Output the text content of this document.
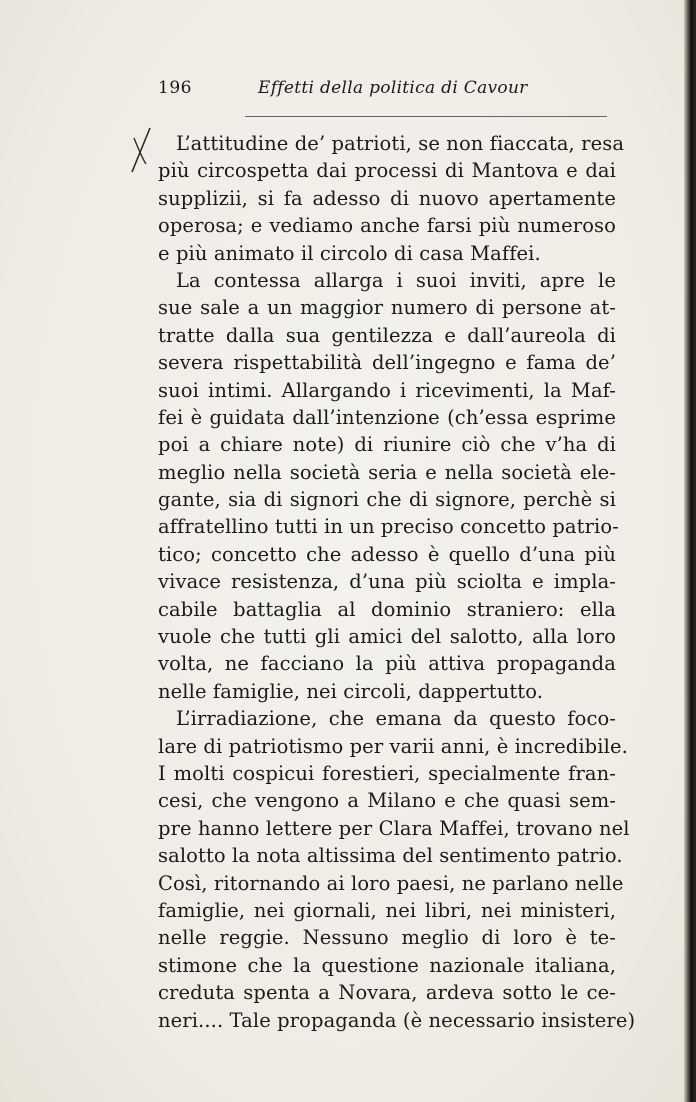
196	Effetti della politica di Cavour
L’attitudine de’ patrioti, se non fiaccata, resa
più circospetta dai processi di Mantova e dai
supplizii, si fa adesso di nuovo apertamente
operosa; e vediamo anche farsi più numeroso
e più animato il circolo di casa Maffei.
La contessa allarga i suoi inviti, apre le
sue sale a un maggior numero di persone at-
tratte dalla sua gentilezza e dall’aureola di
severa rispettabilità dell’ingegno e fama de’
suoi intimi. Allargando i ricevimenti, la Maf-
fei è guidata dall’intenzione (ch’essa esprime
poi a chiare note) di riunire ciò che v’ha di
meglio nella società seria e nella società ele-
gante, sia di signori che di signore, perchè si
affratellino tutti in un preciso concetto patrio-
tico; concetto che adesso è quello d’una più
vivace resistenza, d’una più sciolta e impla-
cabile battaglia al dominio straniero: ella
vuole che tutti gli amici del salotto, alla loro
volta, ne facciano la più attiva propaganda
nelle famiglie, nei circoli, dappertutto.
L’irradiazione, che emana da questo foco-
lare di patriotismo per varii anni, è incredibile.
I molti cospicui forestieri, specialmente fran-
cesi, che vengono a Milano e che quasi sem-
pre hanno lettere per Clara Maffei, trovano nel
salotto la nota altissima del sentimento patrio.
Così, ritornando ai loro paesi, ne parlano nelle
famiglie, nei giornali, nei libri, nei ministeri,
nelle reggie. Nessuno meglio di loro è te-
stimone che la questione nazionale italiana,
creduta spenta a Novara, ardeva sotto le ce-
neri.... Tale propaganda (è necessario insistere)
